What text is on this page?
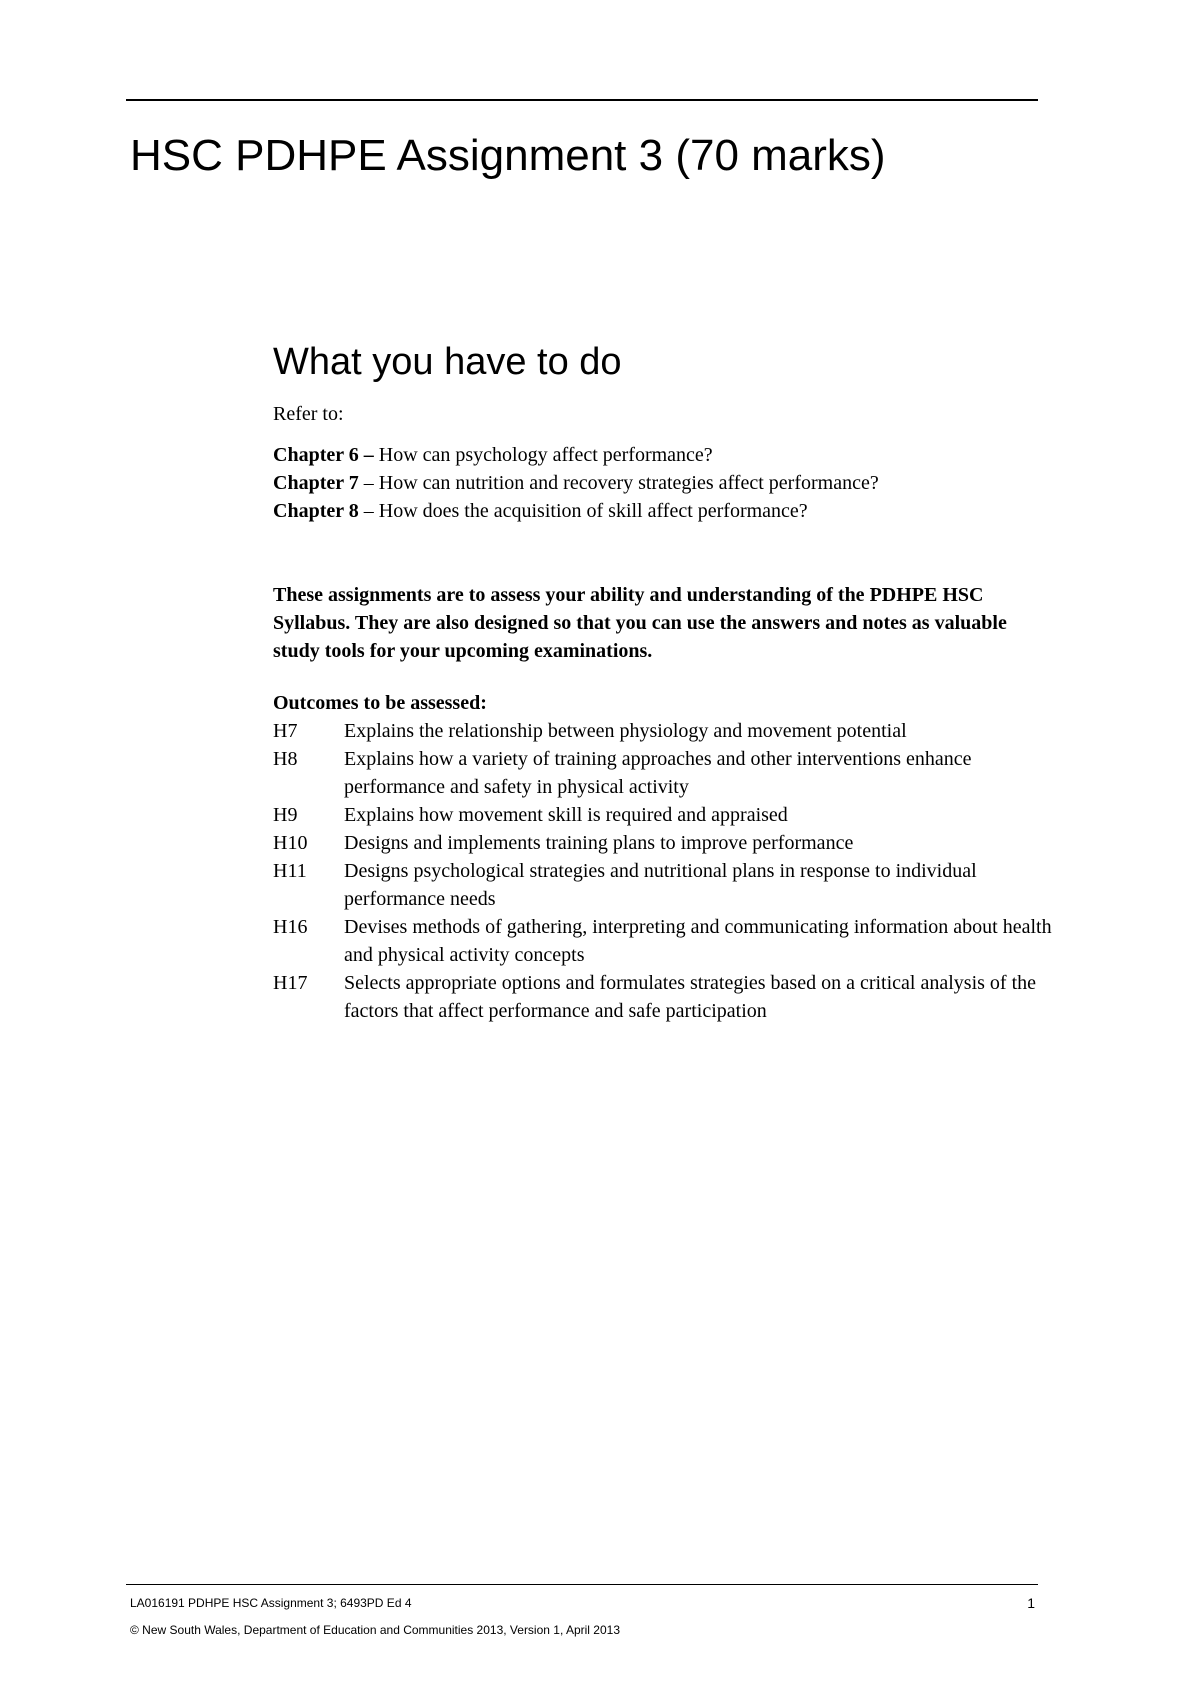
HSC PDHPE Assignment 3 (70 marks)
What you have to do

Refer to:

Chapter 6 – How can psychology affect performance?
Chapter 7 – How can nutrition and recovery strategies affect performance?
Chapter 8 – How does the acquisition of skill affect performance?

These assignments are to assess your ability and understanding of the PDHPE HSC Syllabus. They are also designed so that you can use the answers and notes as valuable study tools for your upcoming examinations.

Outcomes to be assessed:

H7	Explains the relationship between physiology and movement potential
H8	Explains how a variety of training approaches and other interventions enhance performance and safety in physical activity
H9	Explains how movement skill is required and appraised
H10	Designs and implements training plans to improve performance
H11	Designs psychological strategies and nutritional plans in response to individual performance needs
H16	Devises methods of gathering, interpreting and communicating information about health and physical activity concepts
H17	Selects appropriate options and formulates strategies based on a critical analysis of the factors that affect performance and safe participation
LA016191 PDHPE HSC Assignment 3; 6493PD Ed 4	1
© New South Wales, Department of Education and Communities 2013, Version 1, April 2013
